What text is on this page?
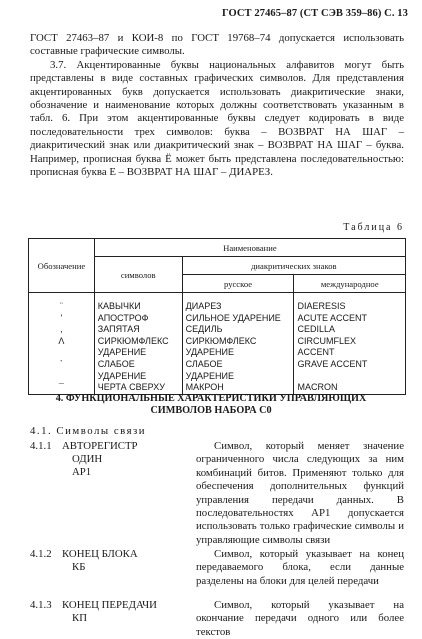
ГОСТ 27465–87 (СТ СЭВ 359–86) С. 13

ГОСТ 27463–87 и КОИ-8 по ГОСТ 19768–74 допускается использовать составные графические символы.

3.7. Акцентированные буквы национальных алфавитов могут быть представлены в виде составных графических символов. Для представления акцентированных букв допускается использовать диакритические знаки, обозначение и наименование которых должны соответствовать указанным в табл. 6. При этом акцентированные буквы следует кодировать в виде последовательности трех символов: буква – ВОЗВРАТ НА ШАГ – диакритический знак или диакритический знак – ВОЗВРАТ НА ШАГ – буква. Например, прописная буква Ё может быть представлена последовательностью: прописная буква Е – ВОЗВРАТ НА ШАГ – ДИАРЕЗ.

Таблица 6
Обозначение	Наименование		
	символов	диакритических знаков	
		русское	международное
¨	КАВЫЧКИ	ДИАРЕЗ	DIAERESIS
'	АПОСТРОФ	СИЛЬНОЕ УДАРЕНИЕ	ACUTE ACCENT
,	ЗАПЯТАЯ	СЕДИЛЬ	CEDILLA
Λ	СИРКЮМФЛЕКС	СИРКЮМФЛЕКС	CIRCUMFLEX
	УДАРЕНИЕ	УДАРЕНИЕ	ACCENT
`	СЛАБОЕ	СЛАБОЕ	GRAVE ACCENT
	УДАРЕНИЕ	УДАРЕНИЕ	
¯	ЧЕРТА СВЕРХУ	МАКРОН	MACRON
4. ФУНКЦИОНАЛЬНЫЕ ХАРАКТЕРИСТИКИ УПРАВЛЯЮЩИХ
СИМВОЛОВ НАБОРА С0
4.1. Символы связи
4.1.1 АВТОРЕГИСТР
ОДИН
АР1

Символ, который меняет значение ограниченного числа следующих за ним комбинаций битов. Применяют только для обеспечения дополнительных функций управления передачи данных. В последовательностях АР1 допускается использовать только графические символы и управляющие символы связи

4.1.2 КОНЕЦ БЛОКА
КБ

Символ, который указывает на конец передаваемого блока, если данные разделены на блоки для целей передачи

4.1.3 КОНЕЦ ПЕРЕДАЧИ
КП

Символ, который указывает на окончание передачи одного или более текстов
